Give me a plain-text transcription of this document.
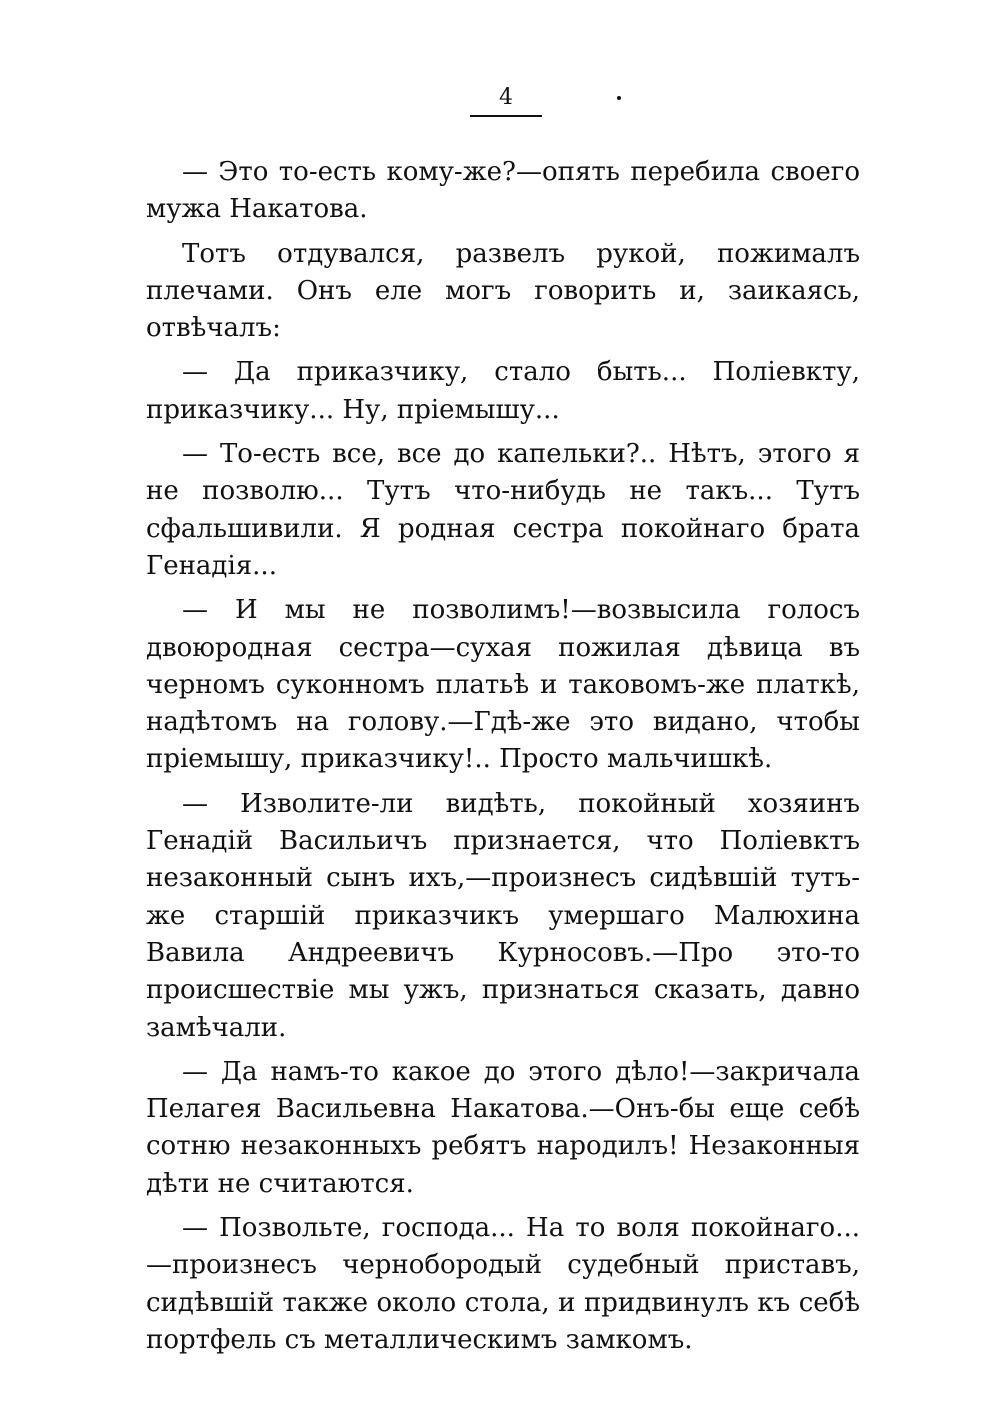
4

— Это то-есть кому-же?—опять перебила своего мужа Накатова.

Тотъ отдувался, развелъ рукой, пожималъ плечами. Онъ еле могъ говорить и, заикаясь, отвѣчалъ:

— Да приказчику, стало быть... Поліевкту, приказчику... Ну, пріемышу...

— То-есть все, все до капельки?.. Нѣтъ, этого я не позволю... Тутъ что-нибудь не такъ... Тутъ сфальшивили. Я родная сестра покойнаго брата Генадія...

— И мы не позволимъ!—возвысила голосъ двоюродная сестра—сухая пожилая дѣвица въ черномъ суконномъ платьѣ и таковомъ-же платкѣ, надѣтомъ на голову.—Гдѣ-же это видано, чтобы пріемышу, приказчику!.. Просто мальчишкѣ.

— Изволите-ли видѣть, покойный хозяинъ Генадій Васильичъ признается, что Поліевктъ незаконный сынъ ихъ,—произнесъ сидѣвшій тутъ-же старшій приказчикъ умершаго Малюхина Вавила Андреевичъ Курносовъ.—Про это-то происшествіе мы ужъ, признаться сказать, давно замѣчали.

— Да намъ-то какое до этого дѣло!—закричала Пелагея Васильевна Накатова.—Онъ-бы еще себѣ сотню незаконныхъ ребятъ народилъ! Незаконныя дѣти не считаются.

— Позвольте, господа... На то воля покойнаго...—произнесъ чернобородый судебный приставъ, сидѣвшій также около стола, и придвинулъ къ себѣ портфель съ металлическимъ замкомъ.
